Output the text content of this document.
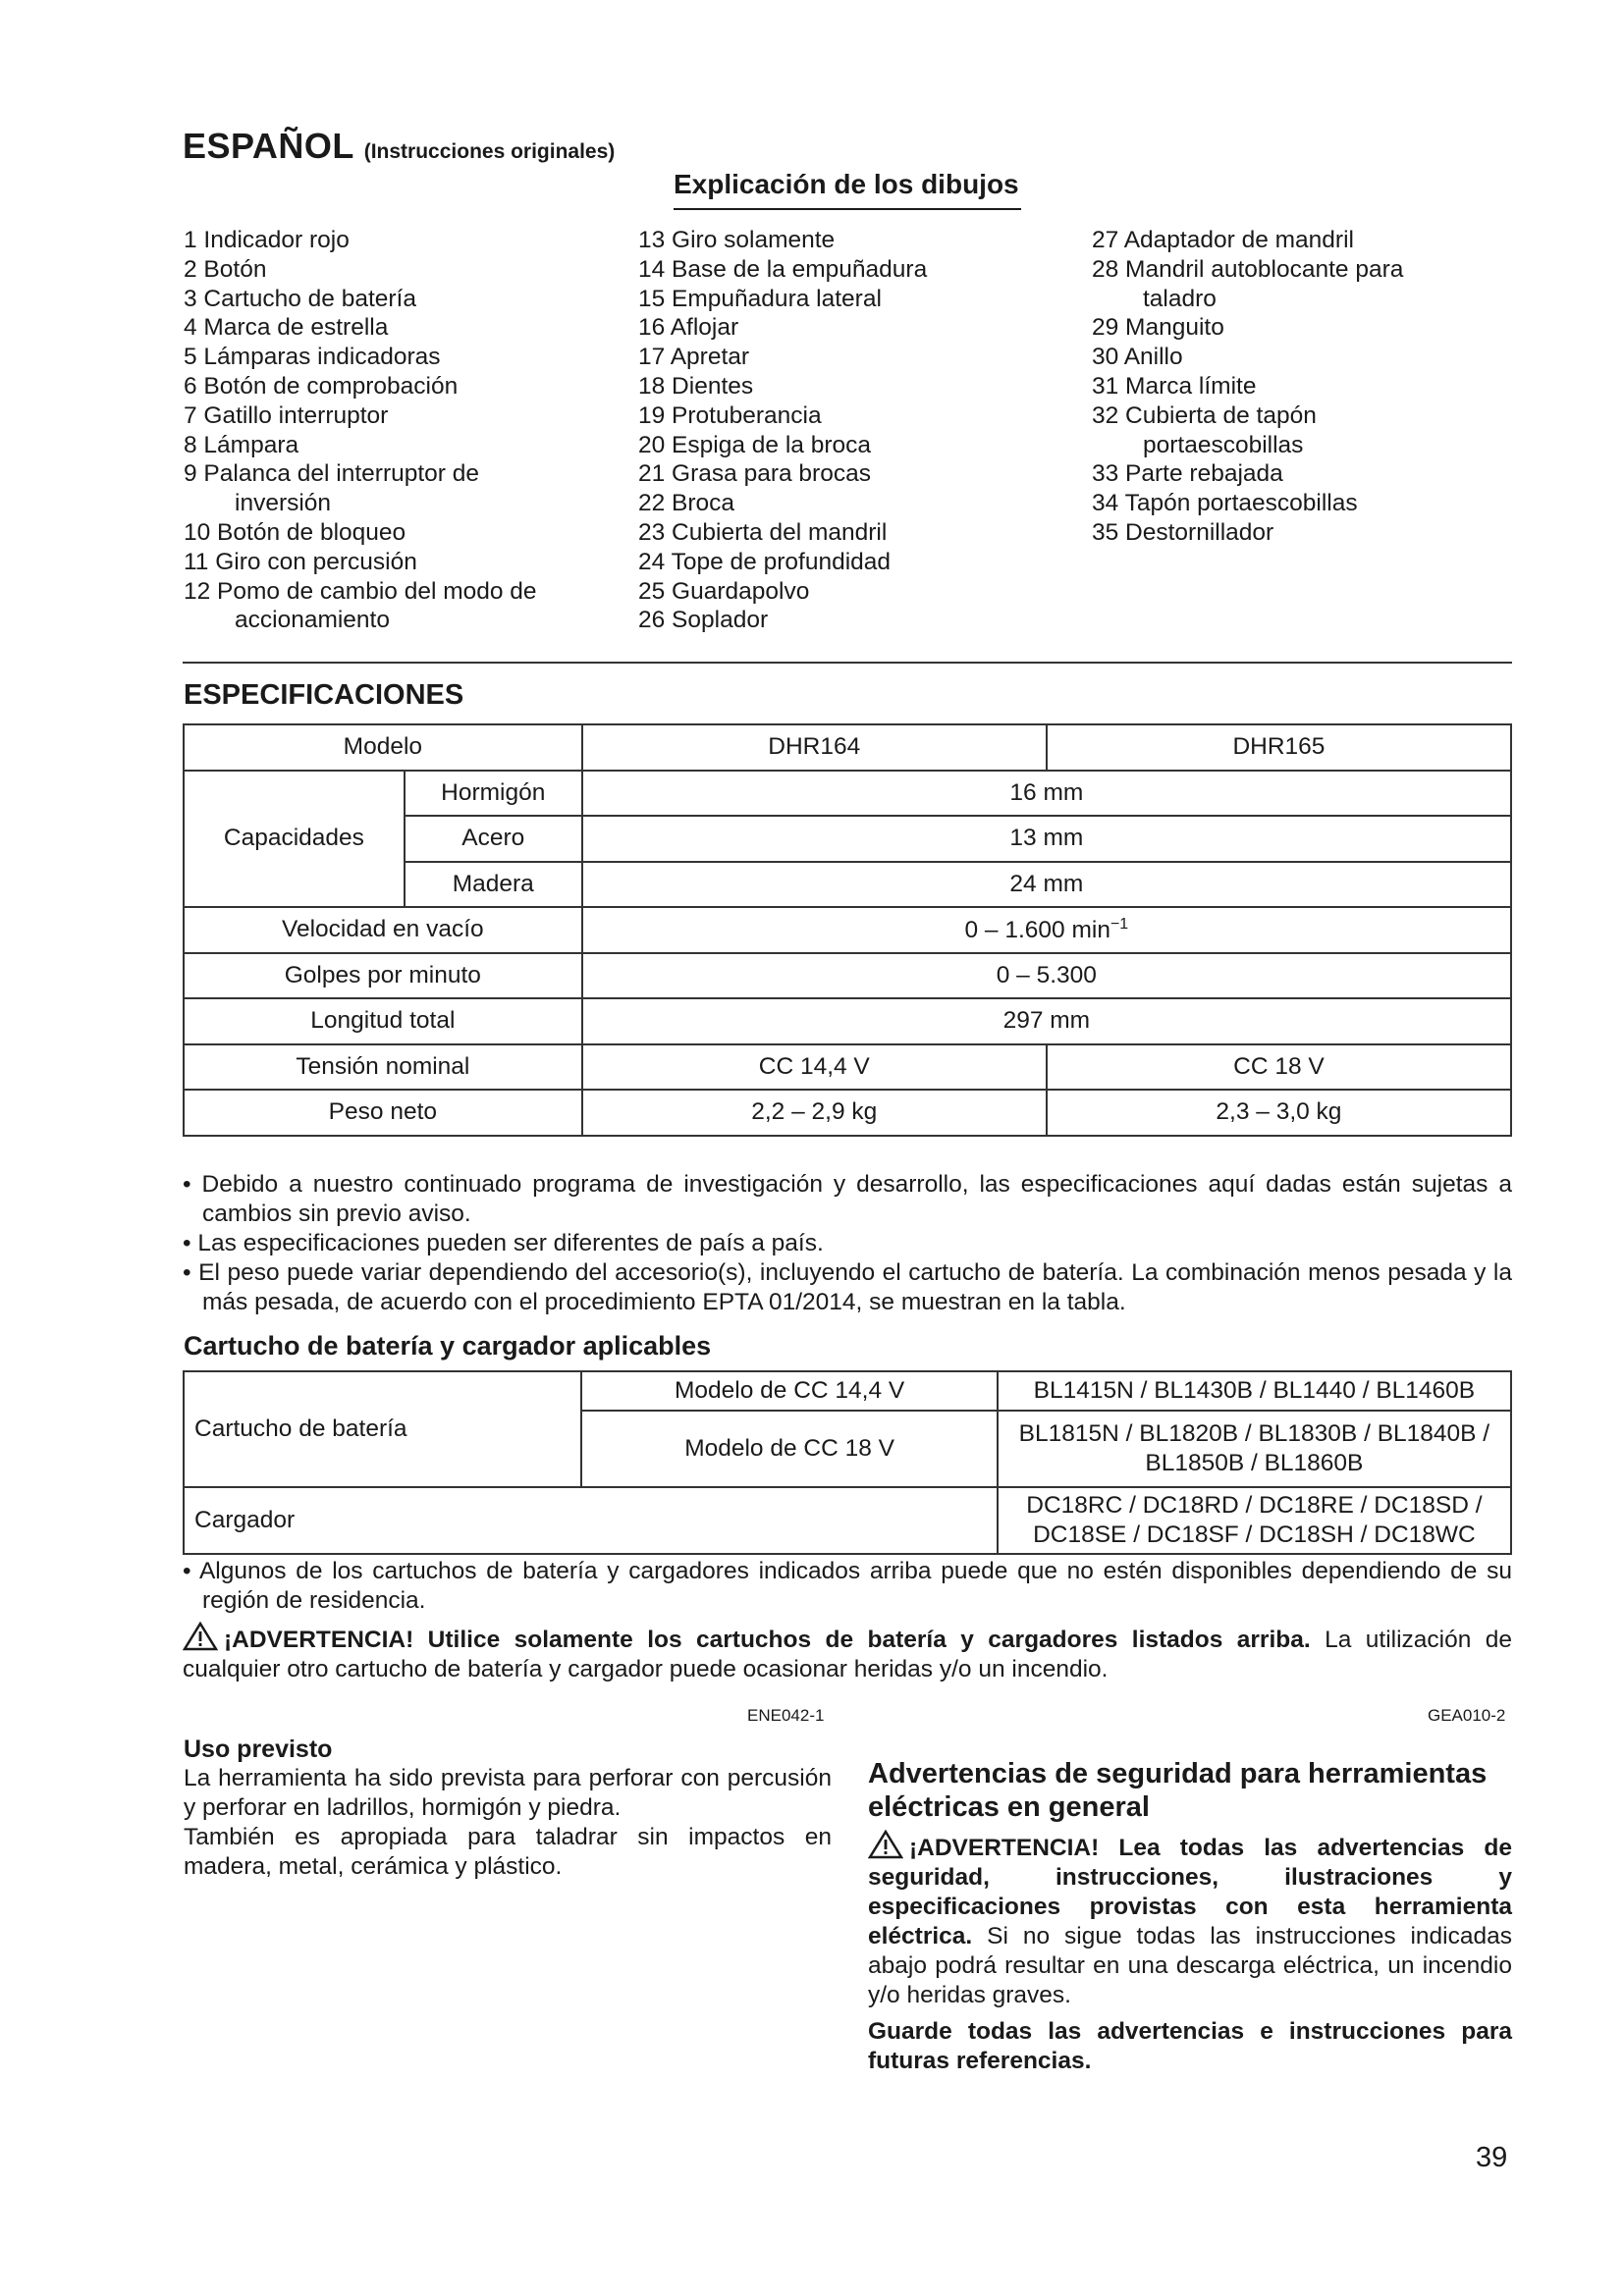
ESPAÑOL (Instrucciones originales)
Explicación de los dibujos
1 Indicador rojo
2 Botón
3 Cartucho de batería
4 Marca de estrella
5 Lámparas indicadoras
6 Botón de comprobación
7 Gatillo interruptor
8 Lámpara
9 Palanca del interruptor de
inversión
10 Botón de bloqueo
11 Giro con percusión
12 Pomo de cambio del modo de
accionamiento
13 Giro solamente
14 Base de la empuñadura
15 Empuñadura lateral
16 Aflojar
17 Apretar
18 Dientes
19 Protuberancia
20 Espiga de la broca
21 Grasa para brocas
22 Broca
23 Cubierta del mandril
24 Tope de profundidad
25 Guardapolvo
26 Soplador
27 Adaptador de mandril
28 Mandril autoblocante para
taladro
29 Manguito
30 Anillo
31 Marca límite
32 Cubierta de tapón
portaescobillas
33 Parte rebajada
34 Tapón portaescobillas
35 Destornillador
ESPECIFICACIONES
Modelo		DHR164	DHR165
Capacidades	Hormigón	16 mm	
	Acero	13 mm	
	Madera	24 mm	
Velocidad en vacío		0 – 1.600 $\min^{-1}$
Golpes por minuto		0 – 5.300	
Longitud total		297 mm	
Tensión nominal		CC 14,4 V	CC 18 V
Peso neto		2,2 – 2,9 kg	2,3 – 3,0 kg
• Debido a nuestro continuado programa de investigación y desarrollo, las especificaciones aquí dadas están sujetas a cambios sin previo aviso.
• Las especificaciones pueden ser diferentes de país a país.
• El peso puede variar dependiendo del accesorio(s), incluyendo el cartucho de batería. La combinación menos pesada y la más pesada, de acuerdo con el procedimiento EPTA 01/2014, se muestran en la tabla.
Cartucho de batería y cargador aplicables
Cartucho de batería	Modelo de CC 14,4 V	BL1415N / BL1430B / BL1440 / BL1460B
	Modelo de CC 18 V	BL1815N / BL1820B / BL1830B / BL1840B / BL1850B / BL1860B
Cargador		DC18RC / DC18RD / DC18RE / DC18SD / DC18SE / DC18SF / DC18SH / DC18WC
• Algunos de los cartuchos de batería y cargadores indicados arriba puede que no estén disponibles dependiendo de su región de residencia.
¡ADVERTENCIA! Utilice solamente los cartuchos de batería y cargadores listados arriba. La utilización de cualquier otro cartucho de batería y cargador puede ocasionar heridas y/o un incendio.
ENE042-1	GEA010-2
Uso previsto
La herramienta ha sido prevista para perforar con percusión y perforar en ladrillos, hormigón y piedra.
También es apropiada para taladrar sin impactos en madera, metal, cerámica y plástico.
Advertencias de seguridad para herramientas eléctricas en general
¡ADVERTENCIA! Lea todas las advertencias de seguridad, instrucciones, ilustraciones y especificaciones provistas con esta herramienta eléctrica. Si no sigue todas las instrucciones indicadas abajo podrá resultar en una descarga eléctrica, un incendio y/o heridas graves.
Guarde todas las advertencias e instrucciones para futuras referencias.
39
